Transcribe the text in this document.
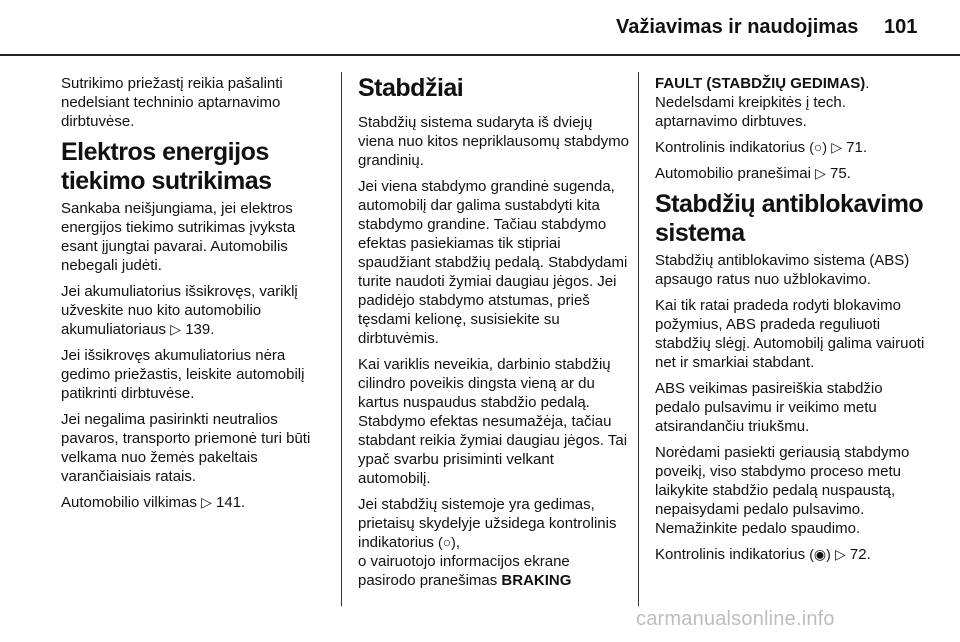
Važiavimas ir naudojimas 101

Sutrikimo priežastį reikia pašalinti nedelsiant techninio aptarnavimo dirbtuvėse.

Elektros energijos tiekimo sutrikimas

Sankaba neišjungiama, jei elektros energijos tiekimo sutrikimas įvyksta esant įjungtai pavarai. Automobilis nebegali judėti.

Jei akumuliatorius išsikrovęs, variklį užveskite nuo kito automobilio akumuliatoriaus ▷ 139.

Jei išsikrovęs akumuliatorius nėra gedimo priežastis, leiskite automobilį patikrinti dirbtuvėse.

Jei negalima pasirinkti neutralios pavaros, transporto priemonė turi būti velkama nuo žemės pakeltais varančiaisiais ratais.

Automobilio vilkimas ▷ 141.

Stabdžiai

Stabdžių sistema sudaryta iš dviejų viena nuo kitos nepriklausomų stabdymo grandinių.

Jei viena stabdymo grandinė sugenda, automobilį dar galima sustabdyti kita stabdymo grandine. Tačiau stabdymo efektas pasiekiamas tik stipriai spaudžiant stabdžių pedalą. Stabdydami turite naudoti žymiai daugiau jėgos. Jei padidėjo stabdymo atstumas, prieš tęsdami kelionę, susisiekite su dirbtuvėmis.

Kai variklis neveikia, darbinio stabdžių cilindro poveikis dingsta vieną ar du kartus nuspaudus stabdžio pedalą. Stabdymo efektas nesumažėja, tačiau stabdant reikia žymiai daugiau jėgos. Tai ypač svarbu prisiminti velkant automobilį.

Jei stabdžių sistemoje yra gedimas, prietaisų skydelyje užsidega kontrolinis indikatorius (○),
o vairuotojo informacijos ekrane pasirodo pranešimas BRAKING

FAULT (STABDŽIŲ GEDIMAS). Nedelsdami kreipkitės į tech. aptarnavimo dirbtuves.

Kontrolinis indikatorius (○) ▷ 71.

Automobilio pranešimai ▷ 75.

Stabdžių antiblokavimo sistema

Stabdžių antiblokavimo sistema (ABS) apsaugo ratus nuo užblokavimo.

Kai tik ratai pradeda rodyti blokavimo požymius, ABS pradeda reguliuoti stabdžių slėgį. Automobilį galima vairuoti net ir smarkiai stabdant.

ABS veikimas pasireiškia stabdžio pedalo pulsavimu ir veikimo metu atsirandančiu triukšmu.

Norėdami pasiekti geriausią stabdymo poveikį, viso stabdymo proceso metu laikykite stabdžio pedalą nuspaustą, nepaisydami pedalo pulsavimo. Nemažinkite pedalo spaudimo.

Kontrolinis indikatorius (◉) ▷ 72.

carmanualsonline.info
